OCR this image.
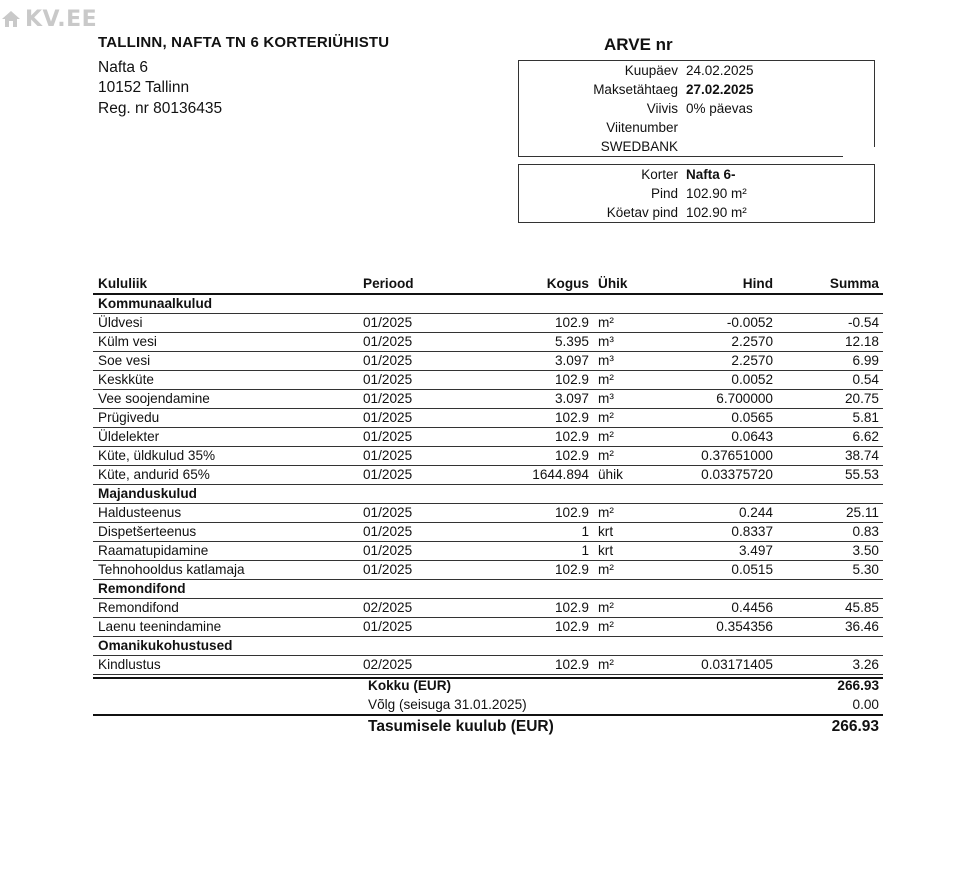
KV.EE
TALLINN, NAFTA TN 6 KORTERIÜHISTU
Nafta 6
10152 Tallinn
Reg. nr 80136435
ARVE nr
Kuupäev 24.02.2025
Maksetähtaeg 27.02.2025
Viivis 0% päevas
Viitenumber
SWEDBANK
Korter Nafta 6-
Pind 102.90 m²
Köetav pind 102.90 m²
Kululiik	Periood	Kogus	Ühik	Hind	Summa
Kommunaalkulud					
Üldvesi	01/2025	102.9	m²	-0.0052	-0.54
Külm vesi	01/2025	5.395	m³	2.2570	12.18
Soe vesi	01/2025	3.097	m³	2.2570	6.99
Keskküte	01/2025	102.9	m²	0.0052	0.54
Vee soojendamine	01/2025	3.097	m³	6.700000	20.75
Prügivedu	01/2025	102.9	m²	0.0565	5.81
Üldelekter	01/2025	102.9	m²	0.0643	6.62
Küte, üldkulud 35%	01/2025	102.9	m²	0.37651000	38.74
Küte, andurid 65%	01/2025	1644.894	ühik	0.03375720	55.53
Majanduskulud					
Haldusteenus	01/2025	102.9	m²	0.244	25.11
Dispetšerteenus	01/2025	1	krt	0.8337	0.83
Raamatupidamine	01/2025	1	krt	3.497	3.50
Tehnohooldus katlamaja	01/2025	102.9	m²	0.0515	5.30
Remondifond					
Remondifond	02/2025	102.9	m²	0.4456	45.85
Laenu teenindamine	01/2025	102.9	m²	0.354356	36.46
Omanikukohustused					
Kindlustus	02/2025	102.9	m²	0.03171405	3.26
Kokku (EUR)	266.93
Võlg (seisuga 31.01.2025)	0.00
Tasumisele kuulub (EUR)	266.93
